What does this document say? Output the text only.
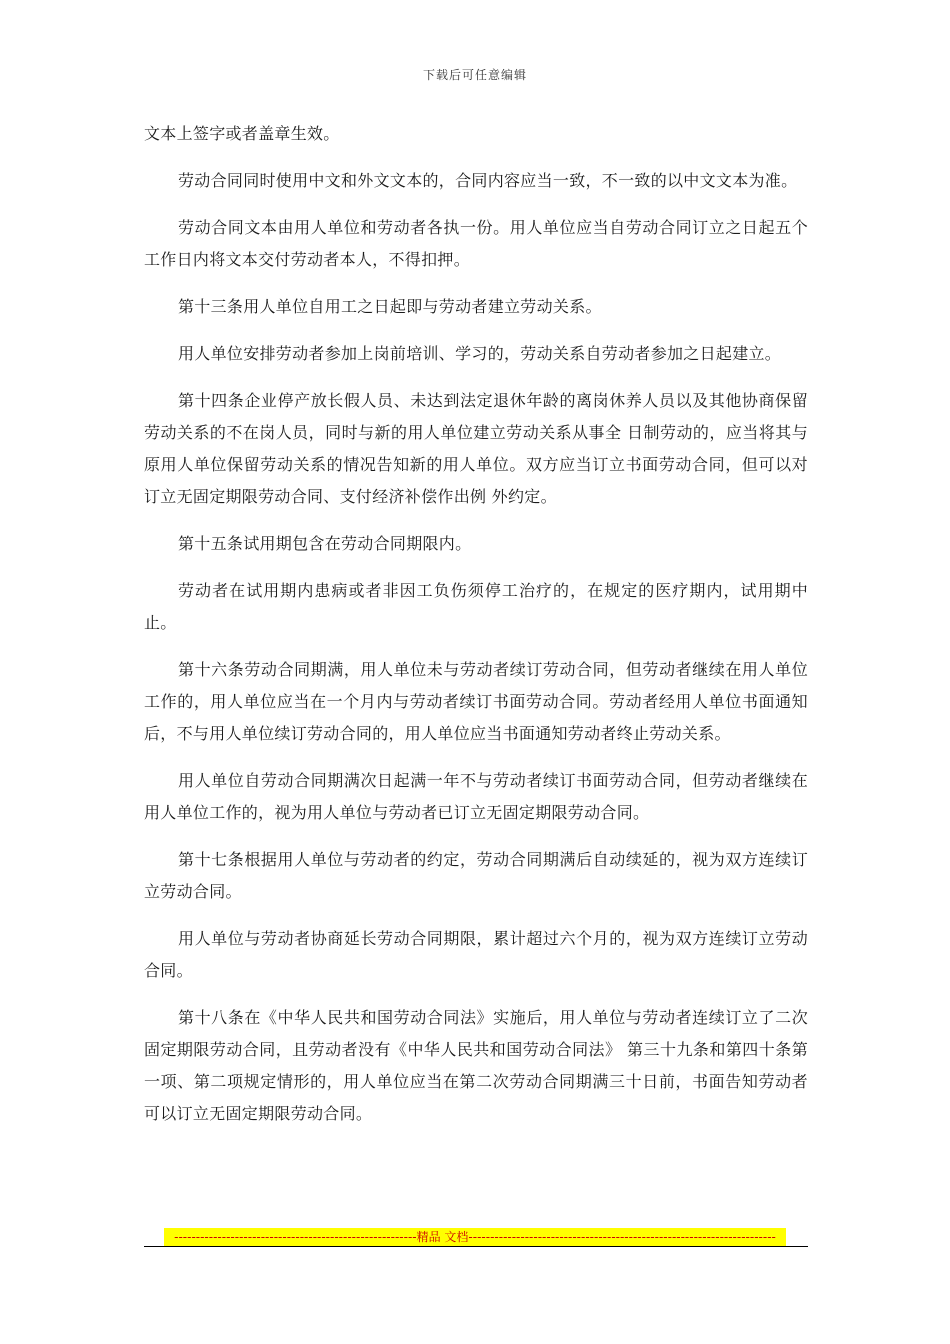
下载后可任意编辑

文本上签字或者盖章生效。

劳动合同同时使用中文和外文文本的，合同内容应当一致，不一致的以中文文本为准。

劳动合同文本由用人单位和劳动者各执一份。用人单位应当自劳动合同订立之日起五个工作日内将文本交付劳动者本人，不得扣押。

第十三条用人单位自用工之日起即与劳动者建立劳动关系。

用人单位安排劳动者参加上岗前培训、学习的，劳动关系自劳动者参加之日起建立。

第十四条企业停产放长假人员、未达到法定退休年龄的离岗休养人员以及其他协商保留劳动关系的不在岗人员，同时与新的用人单位建立劳动关系从事全 日制劳动的，应当将其与原用人单位保留劳动关系的情况告知新的用人单位。双方应当订立书面劳动合同，但可以对订立无固定期限劳动合同、支付经济补偿作出例 外约定。

第十五条试用期包含在劳动合同期限内。

劳动者在试用期内患病或者非因工负伤须停工治疗的，在规定的医疗期内，试用期中止。

第十六条劳动合同期满，用人单位未与劳动者续订劳动合同，但劳动者继续在用人单位工作的，用人单位应当在一个月内与劳动者续订书面劳动合同。劳动者经用人单位书面通知后，不与用人单位续订劳动合同的，用人单位应当书面通知劳动者终止劳动关系。

用人单位自劳动合同期满次日起满一年不与劳动者续订书面劳动合同，但劳动者继续在用人单位工作的，视为用人单位与劳动者已订立无固定期限劳动合同。

第十七条根据用人单位与劳动者的约定，劳动合同期满后自动续延的，视为双方连续订立劳动合同。

用人单位与劳动者协商延长劳动合同期限，累计超过六个月的，视为双方连续订立劳动合同。

第十八条在《中华人民共和国劳动合同法》实施后，用人单位与劳动者连续订立了二次固定期限劳动合同，且劳动者没有《中华人民共和国劳动合同法》 第三十九条和第四十条第一项、第二项规定情形的，用人单位应当在第二次劳动合同期满三十日前，书面告知劳动者可以订立无固定期限劳动合同。

--------------------------------------------------------精品 文档-----------------------------------------------------------------------
